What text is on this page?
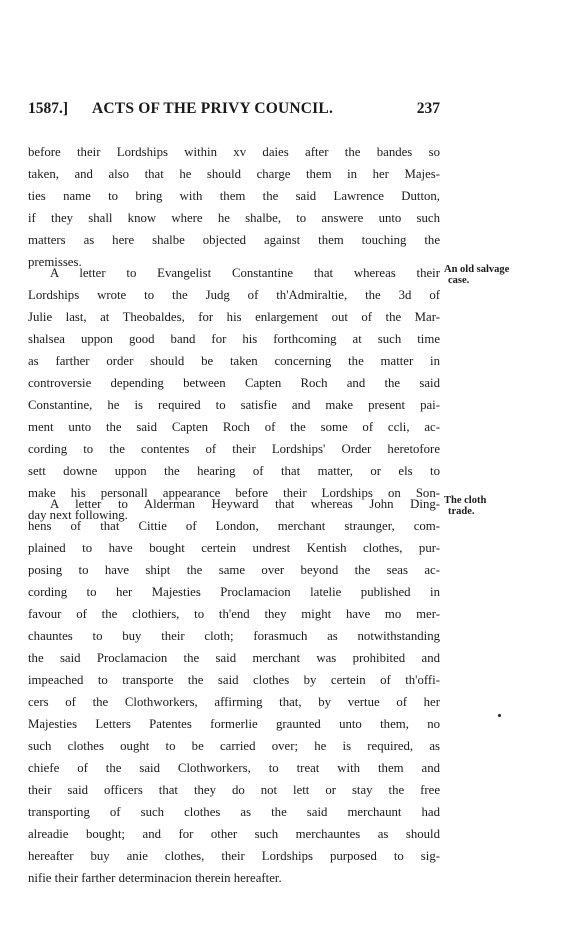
1587.] ACTS OF THE PRIVY COUNCIL.	237
before their Lordships within xv daies after the bandes so
taken, and also that he should charge them in her Majes-
ties name to bring with them the said Lawrence Dutton,
if they shall know where he shalbe, to answere unto such
matters as here shalbe objected against them touching the
premisses.
A letter to Evangelist Constantine that whereas their
Lordships wrote to the Judg of th'Admiraltie, the 3d of
Julie last, at Theobaldes, for his enlargement out of the Mar-
shalsea uppon good band for his forthcoming at such time
as farther order should be taken concerning the matter in
controversie depending between Capten Roch and the said
Constantine, he is required to satisfie and make present pai-
ment unto the said Capten Roch of the some of ccli, ac-
cording to the contentes of their Lordships' Order heretofore
sett downe uppon the hearing of that matter, or els to
make his personall appearance before their Lordships on Son-
day next following.
A letter to Alderman Heyward that whereas John Ding-
hens of that Cittie of London, merchant straunger, com-
plained to have bought certein undrest Kentish clothes, pur-
posing to have shipt the same over beyond the seas ac-
cording to her Majesties Proclamacion latelie published in
favour of the clothiers, to th'end they might have mo mer-
chauntes to buy their cloth; forasmuch as notwithstanding
the said Proclamacion the said merchant was prohibited and
impeached to transporte the said clothes by certein of th'offi-
cers of the Clothworkers, affirming that, by vertue of her
Majesties Letters Patentes formerlie graunted unto them, no
such clothes ought to be carried over; he is required, as
chiefe of the said Clothworkers, to treat with them and
their said officers that they do not lett or stay the free
transporting of such clothes as the said merchaunt had
alreadie bought; and for other such merchauntes as should
hereafter buy anie clothes, their Lordships purposed to sig-
nifie their farther determinacion therein hereafter.
An old salvage
case.
The cloth
trade.
